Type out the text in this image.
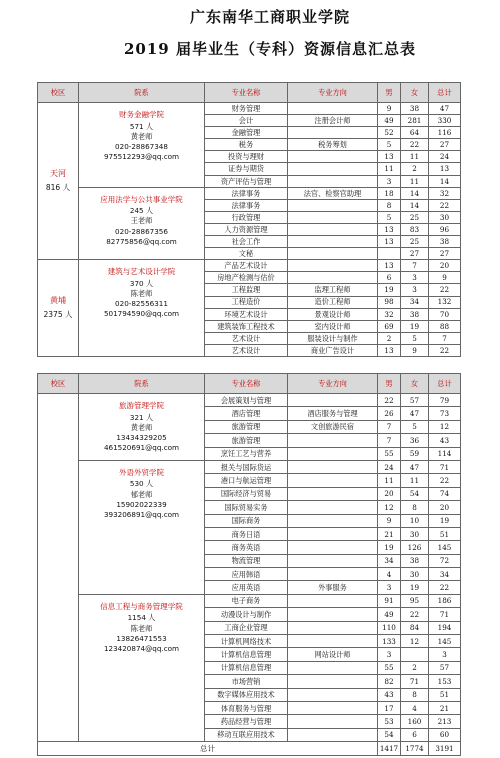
广东南华工商职业学院
2019 届毕业生（专科）资源信息汇总表
校区	院系	专业名称	专业方向	男	女	总计

天河
816 人	财务金融学院
571 人
黄老师
020-28867348
975512293@qq.com	财务管理		9	38	47
		会计	注册会计师	49	281	330
		金融管理		52	64	116
		税务	税务筹划	5	22	27
		投资与理财		13	11	24
		证券与期货		11	2	13
		资产评估与管理		3	11	14

	应用法学与公共事业学院
245 人
王老师
020-28867356
82775856@qq.com	法律事务	法官、检察官助理	18	14	32
		法律事务		8	14	22
		行政管理		5	25	30
		人力资源管理		13	83	96
		社会工作		13	25	38
		文秘			27	27

黄埔
2375 人	建筑与艺术设计学院
370 人
陈老师
020-82556311
501794590@qq.com	产品艺术设计		13	7	20
		房地产检测与估价		6	3	9
		工程监理	监理工程师	19	3	22
		工程造价	造价工程师	98	34	132
		环境艺术设计	景观设计师	32	38	70
		建筑装饰工程技术	室内设计师	69	19	88
		艺术设计	服装设计与制作	2	5	7
		艺术设计	商业广告设计	13	9	22
校区	院系	专业名称	专业方向	男	女	总计

	旅游管理学院
321 人
黄老师
13434329205
461520691@qq.com	会展策划与管理		22	57	79
		酒店管理	酒店服务与管理	26	47	73
		旅游管理	文创旅游民宿	7	5	12
		旅游管理		7	36	43
		烹饪工艺与营养		55	59	114

	外语外贸学院
530 人
郁老师
15902022339
393206891@qq.com	报关与国际货运		24	47	71
		港口与航运管理		11	11	22
		国际经济与贸易		20	54	74
		国际贸易实务		12	8	20
		国际商务		9	10	19
		商务日语		21	30	51
		商务英语		19	126	145
		物流管理		34	38	72
		应用韩语		4	30	34
		应用英语	外事服务	3	19	22

	信息工程与商务管理学院
1154 人
陈老师
13826471553
123420874@qq.com	电子商务		91	95	186
		动漫设计与制作		49	22	71
		工商企业管理		110	84	194
		计算机网络技术		133	12	145
		计算机信息管理	网站设计师	3		3
		计算机信息管理		55	2	57
		市场营销		82	71	153
		数字媒体应用技术		43	8	51
		体育服务与管理		17	4	21
		药品经营与管理		53	160	213
		移动互联应用技术		54	6	60
总计				1417	1774	3191
